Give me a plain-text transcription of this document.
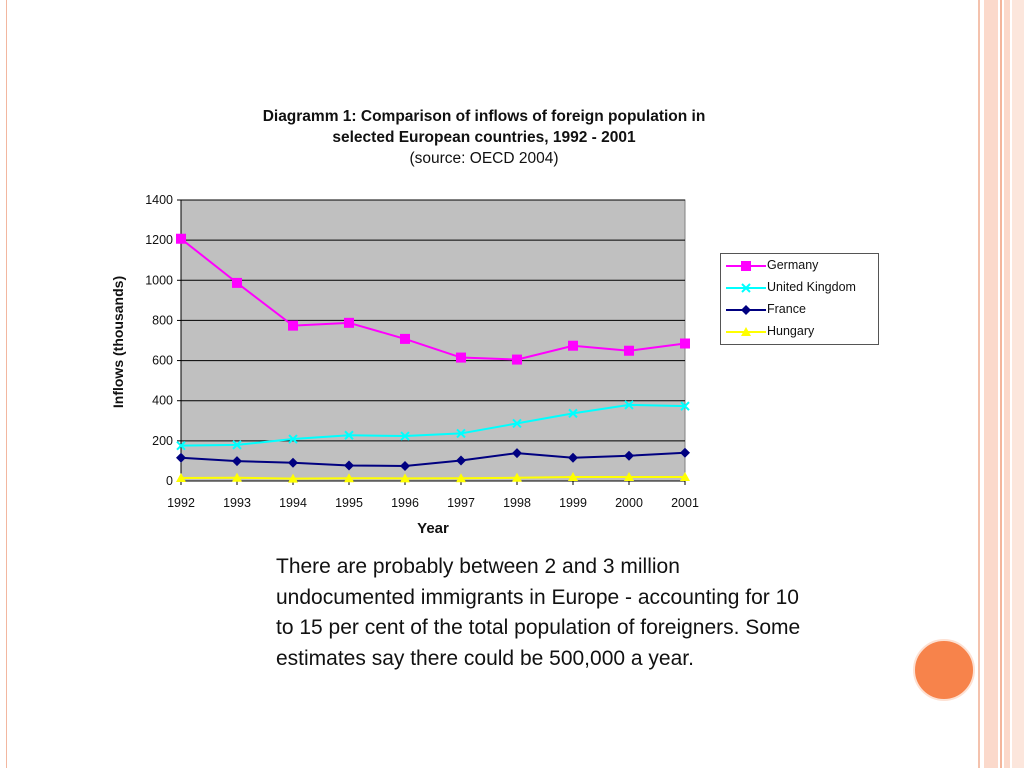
Diagramm 1: Comparison of inflows of foreign population in
selected European countries, 1992 - 2001
(source: OECD 2004)
0
200
400
600
800
1000
1200
1400
1992 1993 1994 1995 1996 1997 1998 1999 2000 2001
Inflows (thousands)
Year
Germany
United Kingdom
France
Hungary
There are probably between 2 and 3 million undocumented immigrants in Europe - accounting for 10 to 15 per cent of the total population of foreigners. Some estimates say there could be 500,000 a year.
